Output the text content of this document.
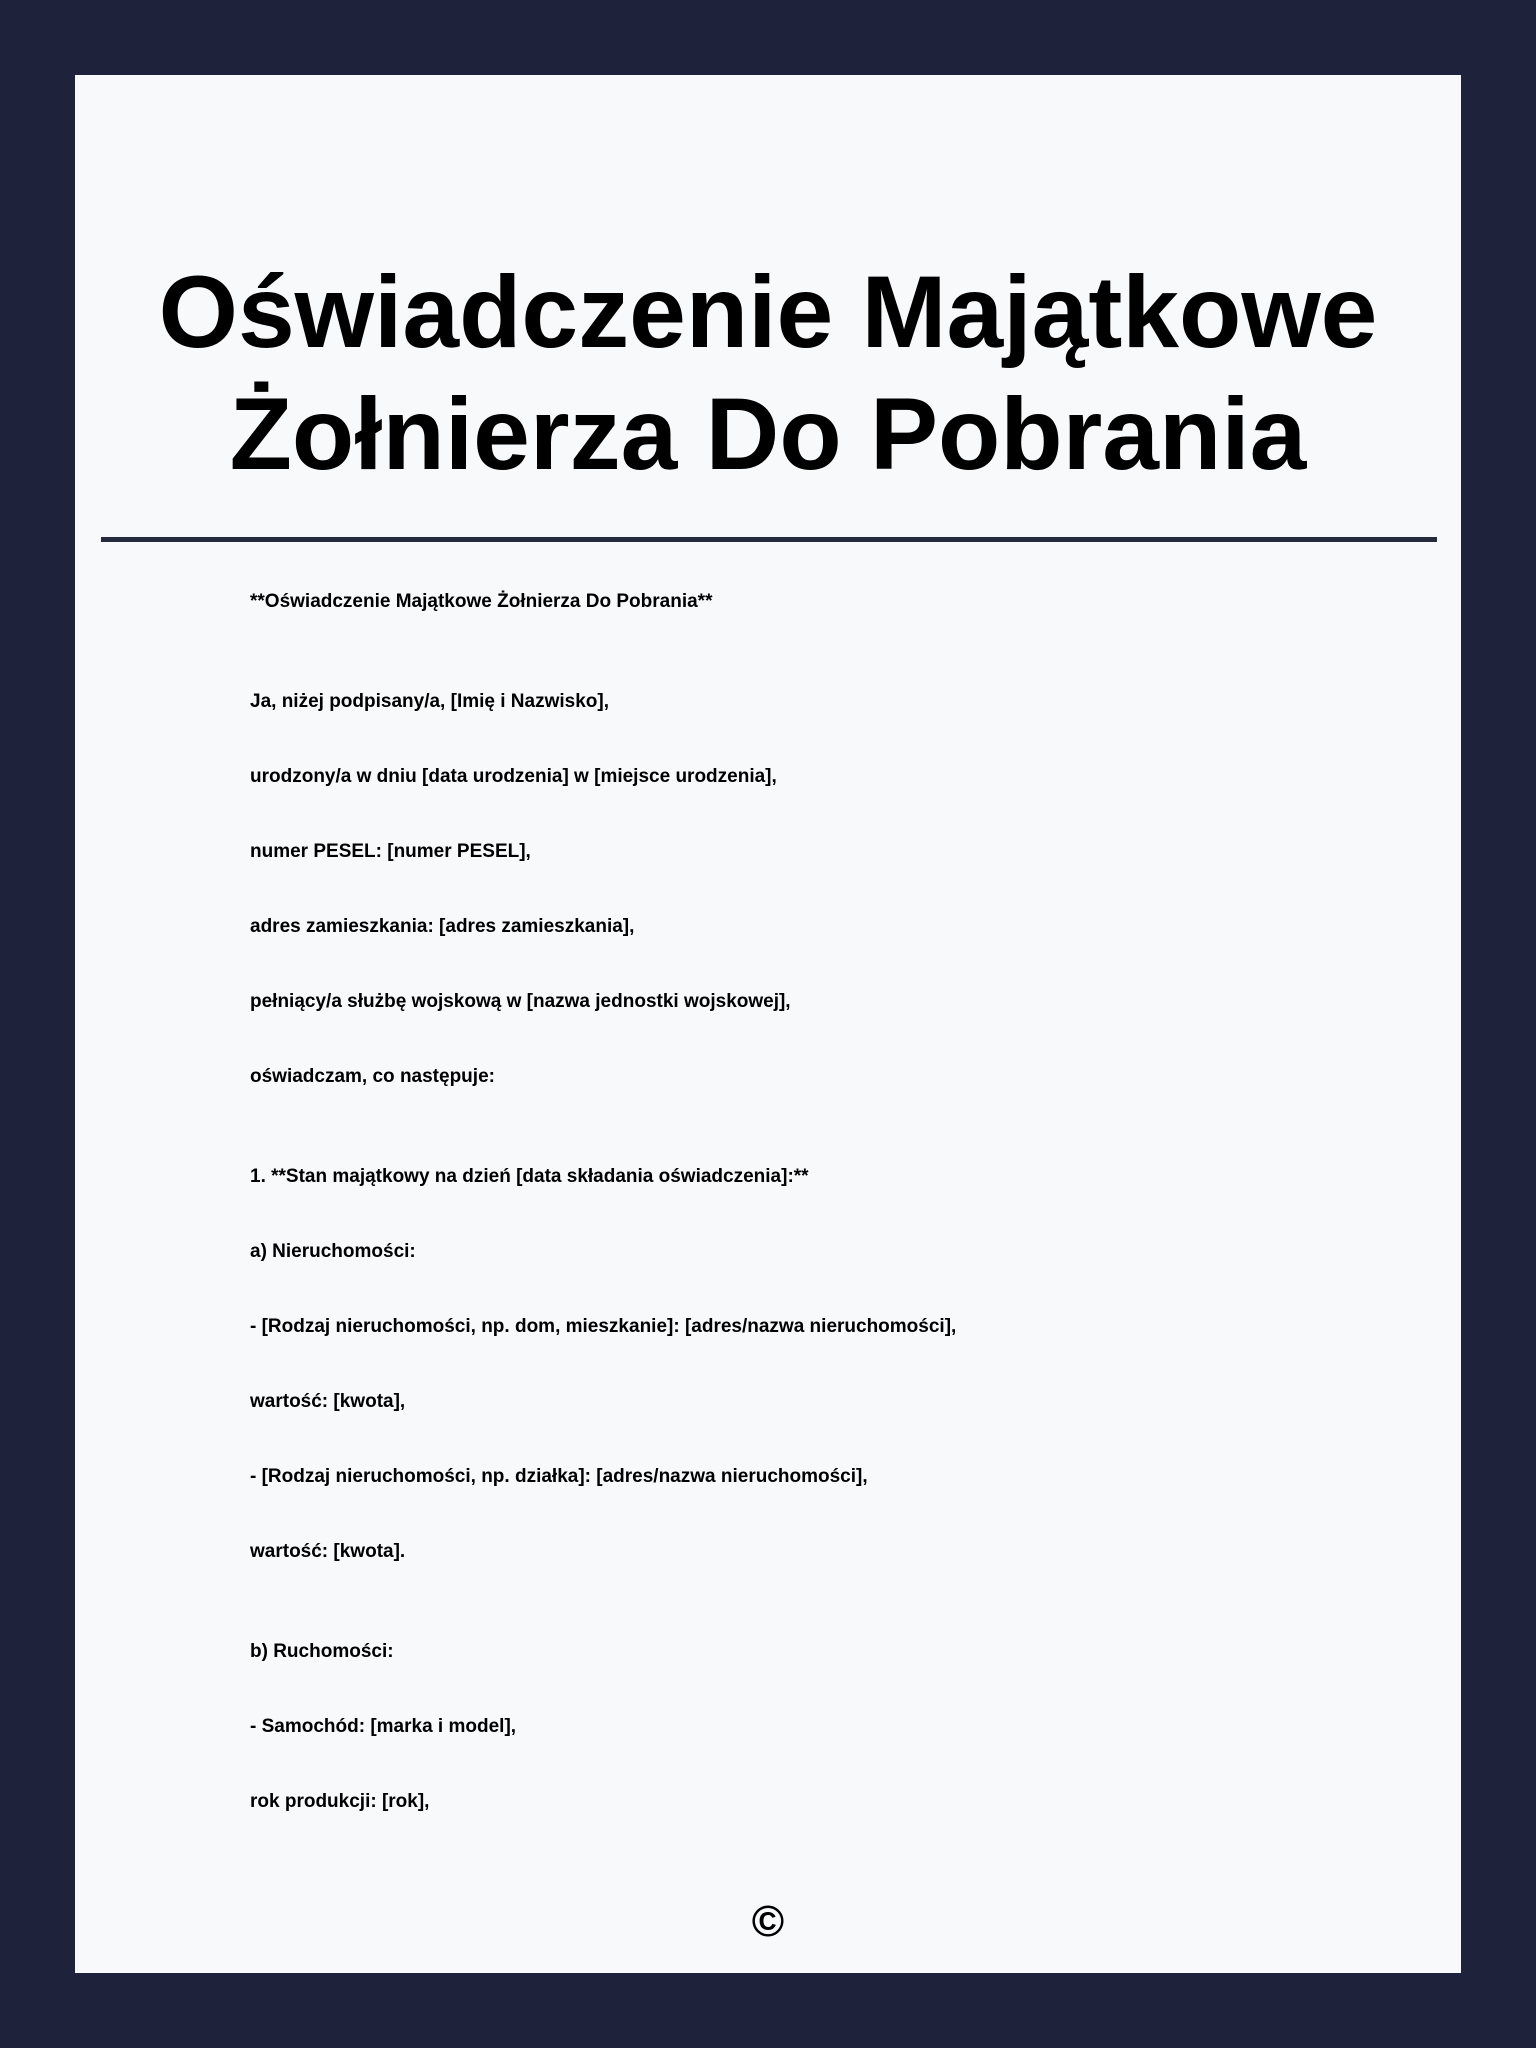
Oświadczenie Majątkowe
Żołnierza Do Pobrania
**Oświadczenie Majątkowe Żołnierza Do Pobrania**
Ja, niżej podpisany/a, [Imię i Nazwisko],
urodzony/a w dniu [data urodzenia] w [miejsce urodzenia],
numer PESEL: [numer PESEL],
adres zamieszkania: [adres zamieszkania],
pełniący/a służbę wojskową w [nazwa jednostki wojskowej],
oświadczam, co następuje:
1. **Stan majątkowy na dzień [data składania oświadczenia]:**
a) Nieruchomości:
- [Rodzaj nieruchomości, np. dom, mieszkanie]: [adres/nazwa nieruchomości],
wartość: [kwota],
- [Rodzaj nieruchomości, np. działka]: [adres/nazwa nieruchomości],
wartość: [kwota].
b) Ruchomości:
- Samochód: [marka i model],
rok produkcji: [rok],
©
